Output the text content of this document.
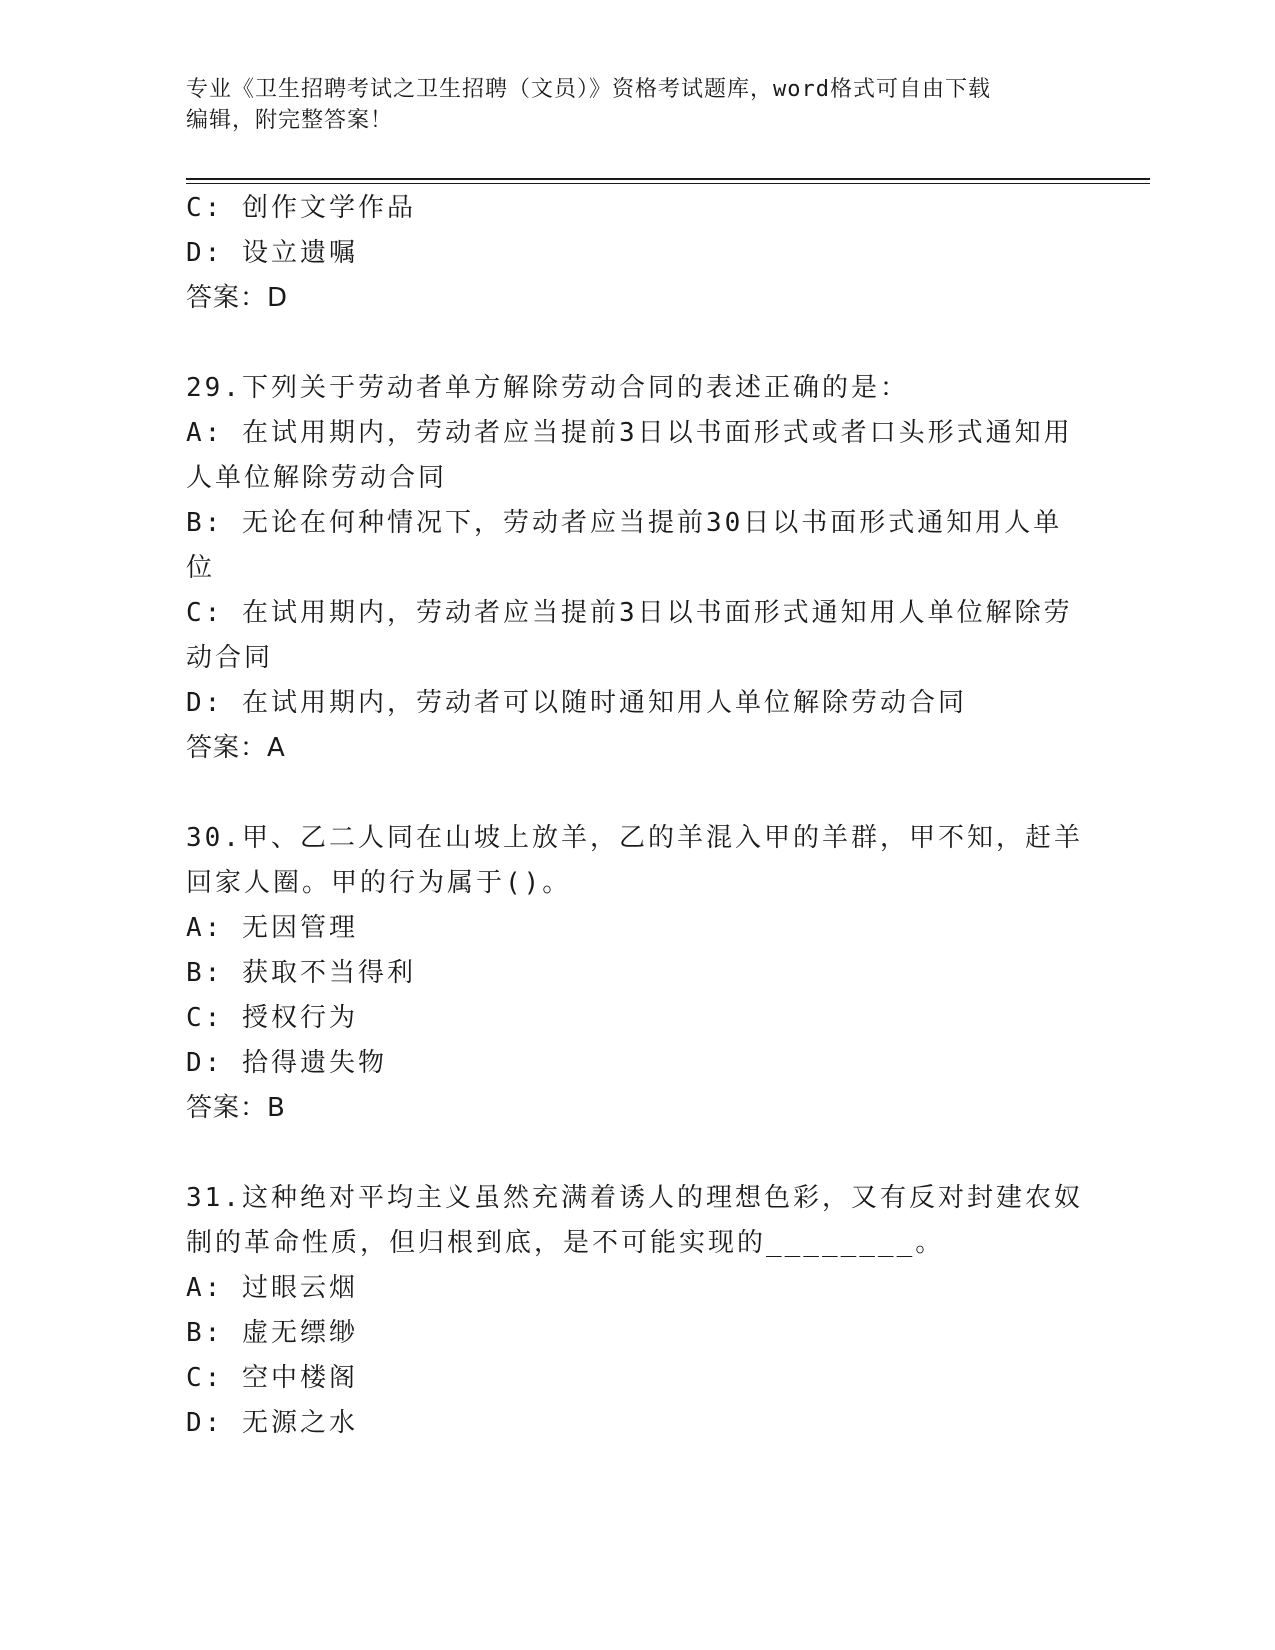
专业《卫生招聘考试之卫生招聘（文员）》资格考试题库，word格式可自由下载
编辑，附完整答案！
C: 创作文学作品
D: 设立遗嘱
答案：D
29.下列关于劳动者单方解除劳动合同的表述正确的是：
A: 在试用期内，劳动者应当提前3日以书面形式或者口头形式通知用
人单位解除劳动合同
B: 无论在何种情况下，劳动者应当提前30日以书面形式通知用人单
位
C: 在试用期内，劳动者应当提前3日以书面形式通知用人单位解除劳
动合同
D: 在试用期内，劳动者可以随时通知用人单位解除劳动合同
答案：A
30.甲、乙二人同在山坡上放羊，乙的羊混入甲的羊群，甲不知，赶羊
回家人圈。甲的行为属于()。
A: 无因管理
B: 获取不当得利
C: 授权行为
D: 拾得遗失物
答案：B
31.这种绝对平均主义虽然充满着诱人的理想色彩，又有反对封建农奴
制的革命性质，但归根到底，是不可能实现的________。
A: 过眼云烟
B: 虚无缥缈
C: 空中楼阁
D: 无源之水
